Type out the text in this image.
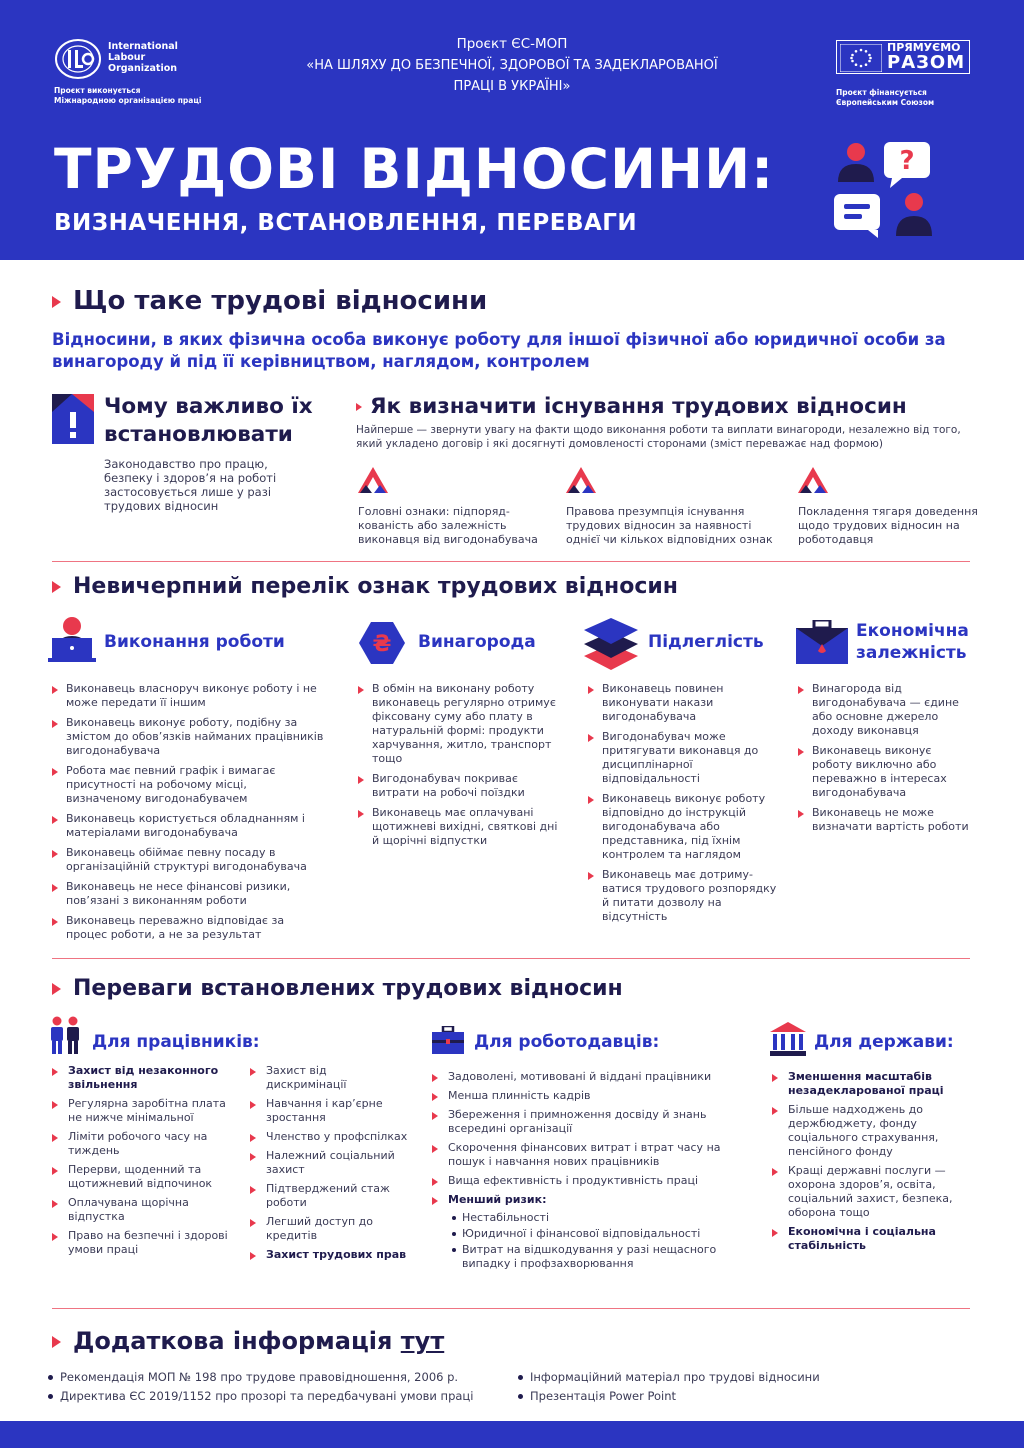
International
Labour
Organization
Проєкт виконується
Міжнародною організацією праці
Проєкт ЄС-МОП
«НА ШЛЯХУ ДО БЕЗПЕЧНОЇ, ЗДОРОВОЇ ТА ЗАДЕКЛАРОВАНОЇ
ПРАЦІ В УКРАЇНІ»
ПРЯМУЄМО
РАЗОМ
Проєкт фінансується
Європейським Союзом
ТРУДОВІ ВІДНОСИНИ:
ВИЗНАЧЕННЯ, ВСТАНОВЛЕННЯ, ПЕРЕВАГИ
?
Що таке трудові відносини
Відносини, в яких фізична особа виконує роботу для іншої фізичної або юридичної особи за винагороду й під її керівництвом, наглядом, контролем
Чому важливо їх встановлювати
Законодавство про працю, безпеку і здоров’я на роботі застосовується лише у разі трудових відносин
Як визначити існування трудових відносин
Найперше — звернути увагу на факти щодо виконання роботи та виплати винагороди, незалежно від того, який укладено договір і які досягнуті домовленості сторонами (зміст переважає над формою)
Головні ознаки: підпоряд-кованість або залежність виконавця від вигодонабувача
Правова презумпція існування трудових відносин за наявності однієї чи кількох відповідних ознак
Покладення тягаря доведення щодо трудових відносин на роботодавця
Невичерпний перелік ознак трудових відносин
Виконання роботи	₴ Винагорода	Підлеглість
Економічна
залежність
Виконавець власноруч виконує роботу і не може передати її іншим
Виконавець виконує роботу, подібну за змістом до обов’язків найманих працівників вигодонабувача
Робота має певний графік і вимагає присутності на робочому місці, визначеному вигодонабувачем
Виконавець користується обладнанням і матеріалами вигодонабувача
Виконавець обіймає певну посаду в організаційній структурі вигодонабувача
Виконавець не несе фінансові ризики, пов’язані з виконанням роботи
Виконавець переважно відповідає за процес роботи, а не за результат
В обмін на виконану роботу виконавець регулярно отримує фіксовану суму або плату в натуральній формі: продукти харчування, житло, транспорт тощо
Вигодонабувач покриває витрати на робочі поїздки
Виконавець має оплачувані щотижневі вихідні, святкові дні й щорічні відпустки
Виконавець повинен виконувати накази вигодонабувача
Вигодонабувач може притягувати виконавця до дисциплінарної відповідальності
Виконавець виконує роботу відповідно до інструкцій вигодонабувача або представника, під їхнім контролем та наглядом
Виконавець має дотриму-ватися трудового розпорядку й питати дозволу на відсутність
Винагорода від вигодонабувача — єдине або основне джерело доходу виконавця
Виконавець виконує роботу виключно або переважно в інтересах вигодонабувача
Виконавець не може визначати вартість роботи
Переваги встановлених трудових відносин
Для працівників:	Для роботодавців:	Для держави:
Захист від незаконного звільнення
Регулярна заробітна плата не нижче мінімальної
Ліміти робочого часу на тиждень
Перерви, щоденний та щотижневий відпочинок
Оплачувана щорічна відпустка
Право на безпечні і здорові умови праці
Захист від дискримінації
Навчання і кар’єрне зростання
Членство у профспілках
Належний соціальний захист
Підтверджений стаж роботи
Легший доступ до кредитів
Захист трудових прав
Задоволені, мотивовані й віддані працівники
Менша плинність кадрів
Збереження і примноження досвіду й знань всередині організації
Скорочення фінансових витрат і втрат часу на пошук і навчання нових працівників
Вища ефективність і продуктивність праці
Менший ризик:
Нестабільності
Юридичної і фінансової відповідальності
Витрат на відшкодування у разі нещасного випадку і профзахворювання
Зменшення масштабів незадекларованої праці
Більше надходжень до держбюджету, фонду соціального страхування, пенсійного фонду
Кращі державні послуги — охорона здоров’я, освіта, соціальний захист, безпека, оборона тощо
Економічна і соціальна стабільність
Додаткова інформація тут
Рекомендація МОП № 198 про трудове правовідношення, 2006 р.
Директива ЄС 2019/1152 про прозорі та передбачувані умови праці
Інформаційний матеріал про трудові відносини
Презентація Power Point
